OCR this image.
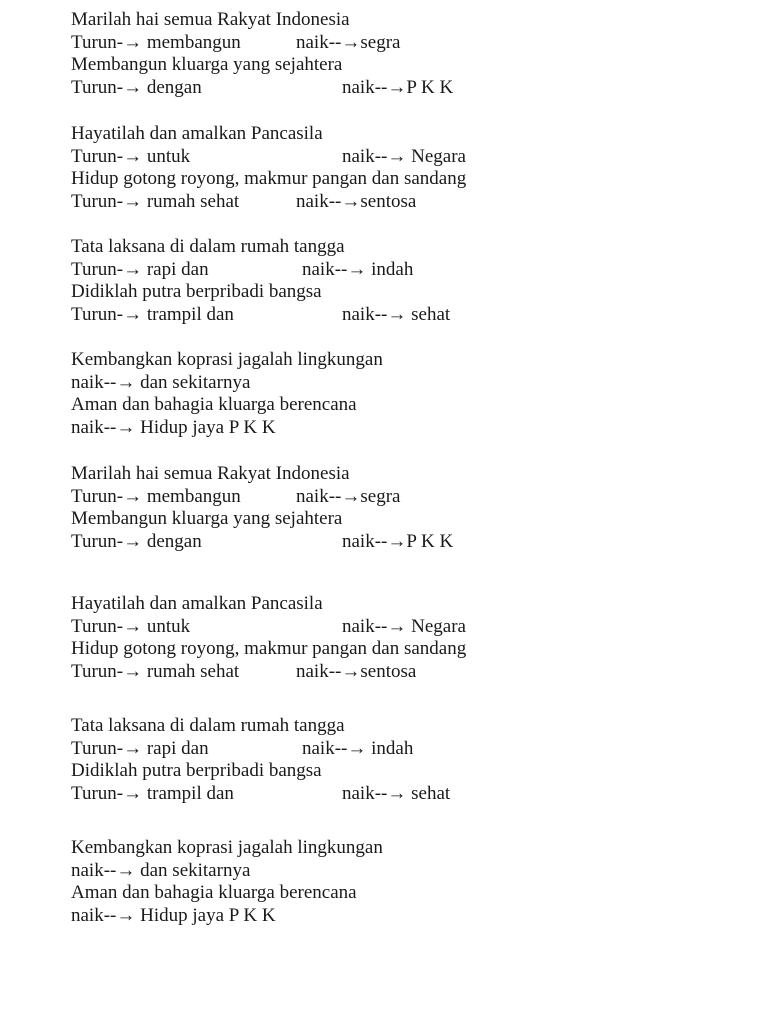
Marilah hai semua Rakyat Indonesia
Turun-→ membangun	naik--→segra
Membangun kluarga yang sejahtera
Turun-→ dengan	naik--→P K K
Hayatilah dan amalkan Pancasila
Turun-→ untuk	naik--→ Negara
Hidup gotong royong, makmur pangan dan sandang
Turun-→ rumah sehat	naik--→sentosa
Tata laksana di dalam rumah tangga
Turun-→ rapi dan	naik--→ indah
Didiklah putra berpribadi bangsa
Turun-→ trampil dan	naik--→ sehat
Kembangkan koprasi jagalah lingkungan
naik--→ dan sekitarnya
Aman dan bahagia kluarga berencana
naik--→ Hidup jaya P K K
Marilah hai semua Rakyat Indonesia
Turun-→ membangun	naik--→segra
Membangun kluarga yang sejahtera
Turun-→ dengan	naik--→P K K
Hayatilah dan amalkan Pancasila
Turun-→ untuk	naik--→ Negara
Hidup gotong royong, makmur pangan dan sandang
Turun-→ rumah sehat	naik--→sentosa
Tata laksana di dalam rumah tangga
Turun-→ rapi dan	naik--→ indah
Didiklah putra berpribadi bangsa
Turun-→ trampil dan	naik--→ sehat
Kembangkan koprasi jagalah lingkungan
naik--→ dan sekitarnya
Aman dan bahagia kluarga berencana
naik--→ Hidup jaya P K K
